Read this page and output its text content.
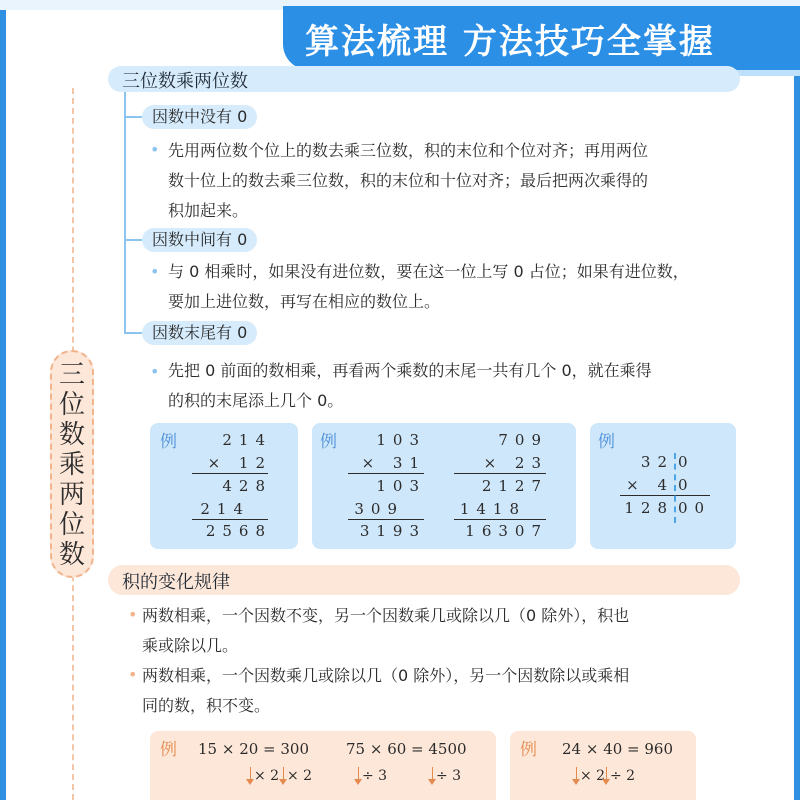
算法梳理 方法技巧全掌握
三
位
数
乘
两
位
数
三位数乘两位数
因数中没有 0
• 先用两位数个位上的数去乘三位数，积的末位和个位对齐；再用两位
数十位上的数去乘三位数，积的末位和十位对齐；最后把两次乘得的
积加起来。
因数中间有 0
• 与 0 相乘时，如果没有进位数，要在这一位上写 0 占位；如果有进位数，
要加上进位数，再写在相应的数位上。
因数末尾有 0
• 先把 0 前面的数相乘，再看两个乘数的末尾一共有几个 0，就在乘得
的积的末尾添上几个 0。
例	214
× 12
428
214
2568
例	103
× 31
103
309
3193
709
× 23
2127
1418
16307
例
32 0
× 4 0
128 00
积的变化规律
• 两数相乘，一个因数不变，另一个因数乘几或除以几（0 除外），积也
乘或除以几。
• 两数相乘，一个因数乘几或除以几（0 除外），另一个因数除以或乘相
同的数，积不变。
例 15 × 20 = 300 75 × 60 = 4500
× 2 × 2	÷ 3	÷ 3
例 24 × 40 = 960
× 2 ÷ 2
